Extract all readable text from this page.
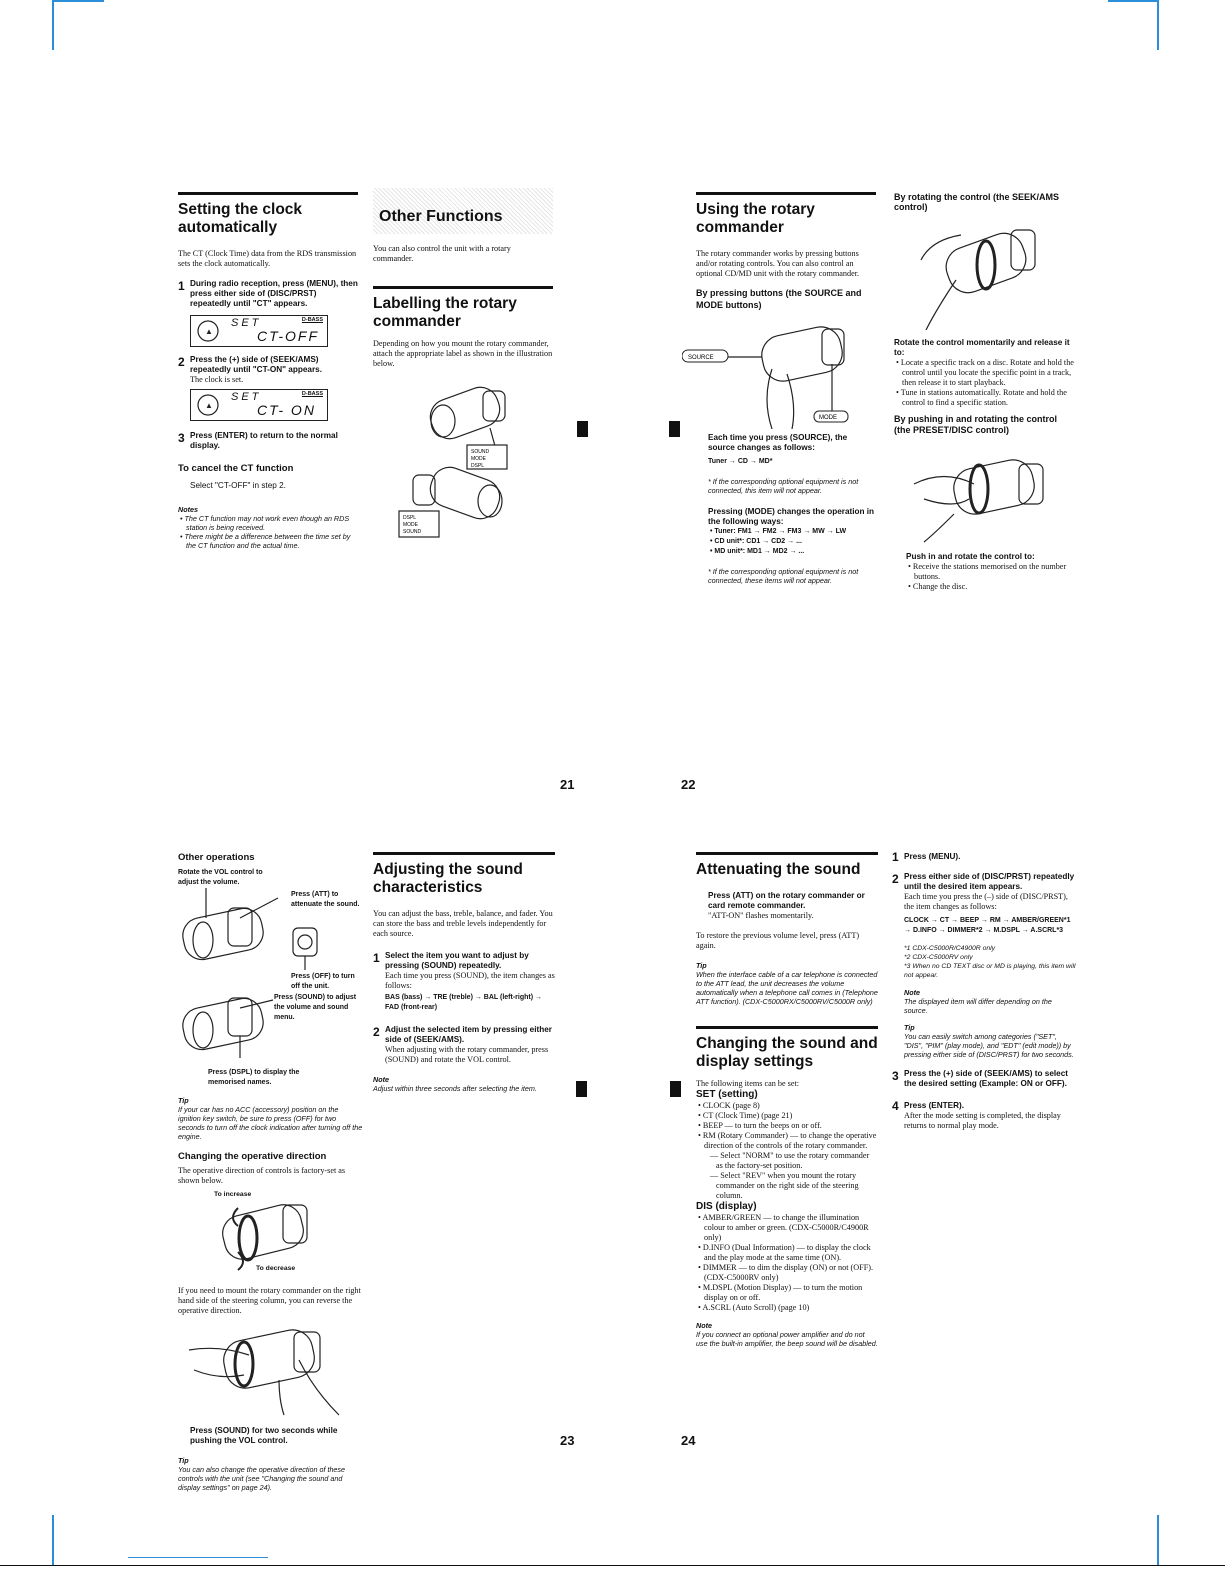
Setting the clock automatically
The CT (Clock Time) data from the RDS transmission sets the clock automatically.
1 During radio reception, press (MENU), then press either side of (DISC/PRST) repeatedly until "CT" appears.
▲
SET	D-BASS
CT-OFF
2 Press the (+) side of (SEEK/AMS) repeatedly until "CT-ON" appears.
The clock is set.
▲
SET	D-BASS
CT- ON
3 Press (ENTER) to return to the normal display.
To cancel the CT function
Select "CT-OFF" in step 2.
Notes
• The CT function may not work even though an RDS station is being received.
• There might be a difference between the time set by the CT function and the actual time.
Other Functions
You can also control the unit with a rotary commander.
Labelling the rotary commander
Depending on how you mount the rotary commander, attach the appropriate label as shown in the illustration below.
SOUND
MODE
DSPL
DSPL
MODE
SOUND
21
Using the rotary commander
The rotary commander works by pressing buttons and/or rotating controls. You can also control an optional CD/MD unit with the rotary commander.
By pressing buttons (the SOURCE and MODE buttons)
SOURCE
MODE
Each time you press (SOURCE), the source changes as follows:
Tuner → CD → MD*
* If the corresponding optional equipment is not connected, this item will not appear.
Pressing (MODE) changes the operation in the following ways:
• Tuner: FM1 → FM2 → FM3 → MW → LW
• CD unit*: CD1 → CD2 → ...
• MD unit*: MD1 → MD2 → ...
* If the corresponding optional equipment is not connected, these items will not appear.
By rotating the control (the SEEK/AMS control)
Rotate the control momentarily and release it to:
• Locate a specific track on a disc. Rotate and hold the control until you locate the specific point in a track, then release it to start playback.
• Tune in stations automatically. Rotate and hold the control to find a specific station.
By pushing in and rotating the control (the PRESET/DISC control)
Push in and rotate the control to:
• Receive the stations memorised on the number buttons.
• Change the disc.
22
Other operations
Rotate the VOL control to adjust the volume.
Press (ATT) to attenuate the sound.
Press (OFF) to turn off the unit.
Press (SOUND) to adjust the volume and sound menu.
Press (DSPL) to display the memorised names.
Tip
If your car has no ACC (accessory) position on the ignition key switch, be sure to press (OFF) for two seconds to turn off the clock indication after turning off the engine.
Changing the operative direction
The operative direction of controls is factory-set as shown below.
To increase
To decrease
If you need to mount the rotary commander on the right hand side of the steering column, you can reverse the operative direction.
Press (SOUND) for two seconds while pushing the VOL control.
Tip
You can also change the operative direction of these controls with the unit (see "Changing the sound and display settings" on page 24).
Adjusting the sound characteristics
You can adjust the bass, treble, balance, and fader. You can store the bass and treble levels independently for each source.
1 Select the item you want to adjust by pressing (SOUND) repeatedly.
Each time you press (SOUND), the item changes as follows:
BAS (bass) → TRE (treble) → BAL (left-right) → FAD (front-rear)
2 Adjust the selected item by pressing either side of (SEEK/AMS).
When adjusting with the rotary commander, press (SOUND) and rotate the VOL control.
Note
Adjust within three seconds after selecting the item.
23
Attenuating the sound
Press (ATT) on the rotary commander or card remote commander.
"ATT-ON" flashes momentarily.
To restore the previous volume level, press (ATT) again.
Tip
When the interface cable of a car telephone is connected to the ATT lead, the unit decreases the volume automatically when a telephone call comes in (Telephone ATT function). (CDX-C5000RX/C5000RV/C5000R only)
Changing the sound and display settings
The following items can be set:
SET (setting)
• CLOCK (page 8)
• CT (Clock Time) (page 21)
• BEEP — to turn the beeps on or off.
• RM (Rotary Commander) — to change the operative direction of the controls of the rotary commander.
— Select "NORM" to use the rotary commander as the factory-set position.
— Select "REV" when you mount the rotary commander on the right side of the steering column.
DIS (display)
• AMBER/GREEN — to change the illumination colour to amber or green. (CDX-C5000R/C4900R only)
• D.INFO (Dual Information) — to display the clock and the play mode at the same time (ON).
• DIMMER — to dim the display (ON) or not (OFF). (CDX-C5000RV only)
• M.DSPL (Motion Display) — to turn the motion display on or off.
• A.SCRL (Auto Scroll) (page 10)
Note
If you connect an optional power amplifier and do not use the built-in amplifier, the beep sound will be disabled.
1 Press (MENU).
2 Press either side of (DISC/PRST) repeatedly until the desired item appears.
Each time you press the (–) side of (DISC/PRST), the item changes as follows:
CLOCK → CT → BEEP → RM → AMBER/GREEN*1 → D.INFO → DIMMER*2 → M.DSPL → A.SCRL*3
*1 CDX-C5000R/C4900R only
*2 CDX-C5000RV only
*3 When no CD TEXT disc or MD is playing, this item will not appear.
Note
The displayed item will differ depending on the source.
Tip
You can easily switch among categories ("SET", "DIS", "PIM" (play mode), and "EDT" (edit mode)) by pressing either side of (DISC/PRST) for two seconds.
3 Press the (+) side of (SEEK/AMS) to select the desired setting (Example: ON or OFF).
4 Press (ENTER).
After the mode setting is completed, the display returns to normal play mode.
24
